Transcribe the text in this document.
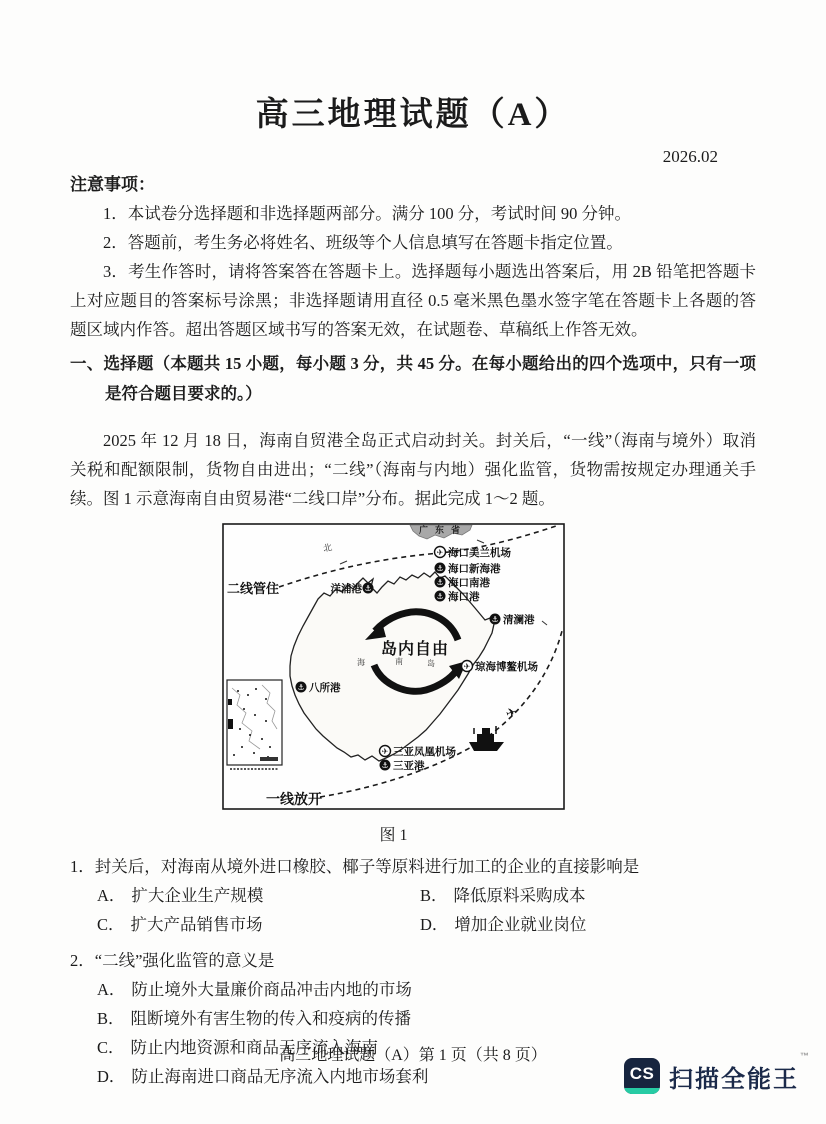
高三地理试题（A）
2026.02
注意事项：

1．本试卷分选择题和非选择题两部分。满分 100 分，考试时间 90 分钟。

2．答题前，考生务必将姓名、班级等个人信息填写在答题卡指定位置。

3．考生作答时，请将答案答在答题卡上。选择题每小题选出答案后，用 2B 铅笔把答题卡上对应题目的答案标号涂黑；非选择题请用直径 0.5 毫米黑色墨水签字笔在答题卡上各题的答题区域内作答。超出答题区域书写的答案无效，在试题卷、草稿纸上作答无效。

一、选择题（本题共 15 小题，每小题 3 分，共 45 分。在每小题给出的四个选项中，只有一项是符合题目要求的。）

2025 年 12 月 18 日，海南自贸港全岛正式启动封关。封关后，“一线”（海南与境外）取消关税和配额限制，货物自由进出；“二线”（海南与内地）强化监管，货物需按规定办理通关手续。图 1 示意海南自由贸易港“二线口岸”分布。据此完成 1～2 题。

广东省
北
岛内自由
海	南	岛
二线管住
一线放开
⚓
洋浦港
⚓ 海口新海港
⚓ 海口南港
⚓ 海口港
⚓ 清澜港
⚓ 八所港
⚓ 三亚港
✈ 海口美兰机场
✈ 琼海博鳌机场
✈ 三亚凤凰机场
✈
图 1

1．封关后，对海南从境外进口橡胶、椰子等原料进行加工的企业的直接影响是

A． 扩大企业生产规模	B． 降低原料采购成本
C． 扩大产品销售市场	D． 增加企业就业岗位

2．“二线”强化监管的意义是

A． 防止境外大量廉价商品冲击内地的市场
B． 阻断境外有害生物的传入和疫病的传播
C． 防止内地资源和商品无序流入海南
D． 防止海南进口商品无序流入内地市场套利
高三地理试题（A）第 1 页（共 8 页）
CS 扫描全能王™
